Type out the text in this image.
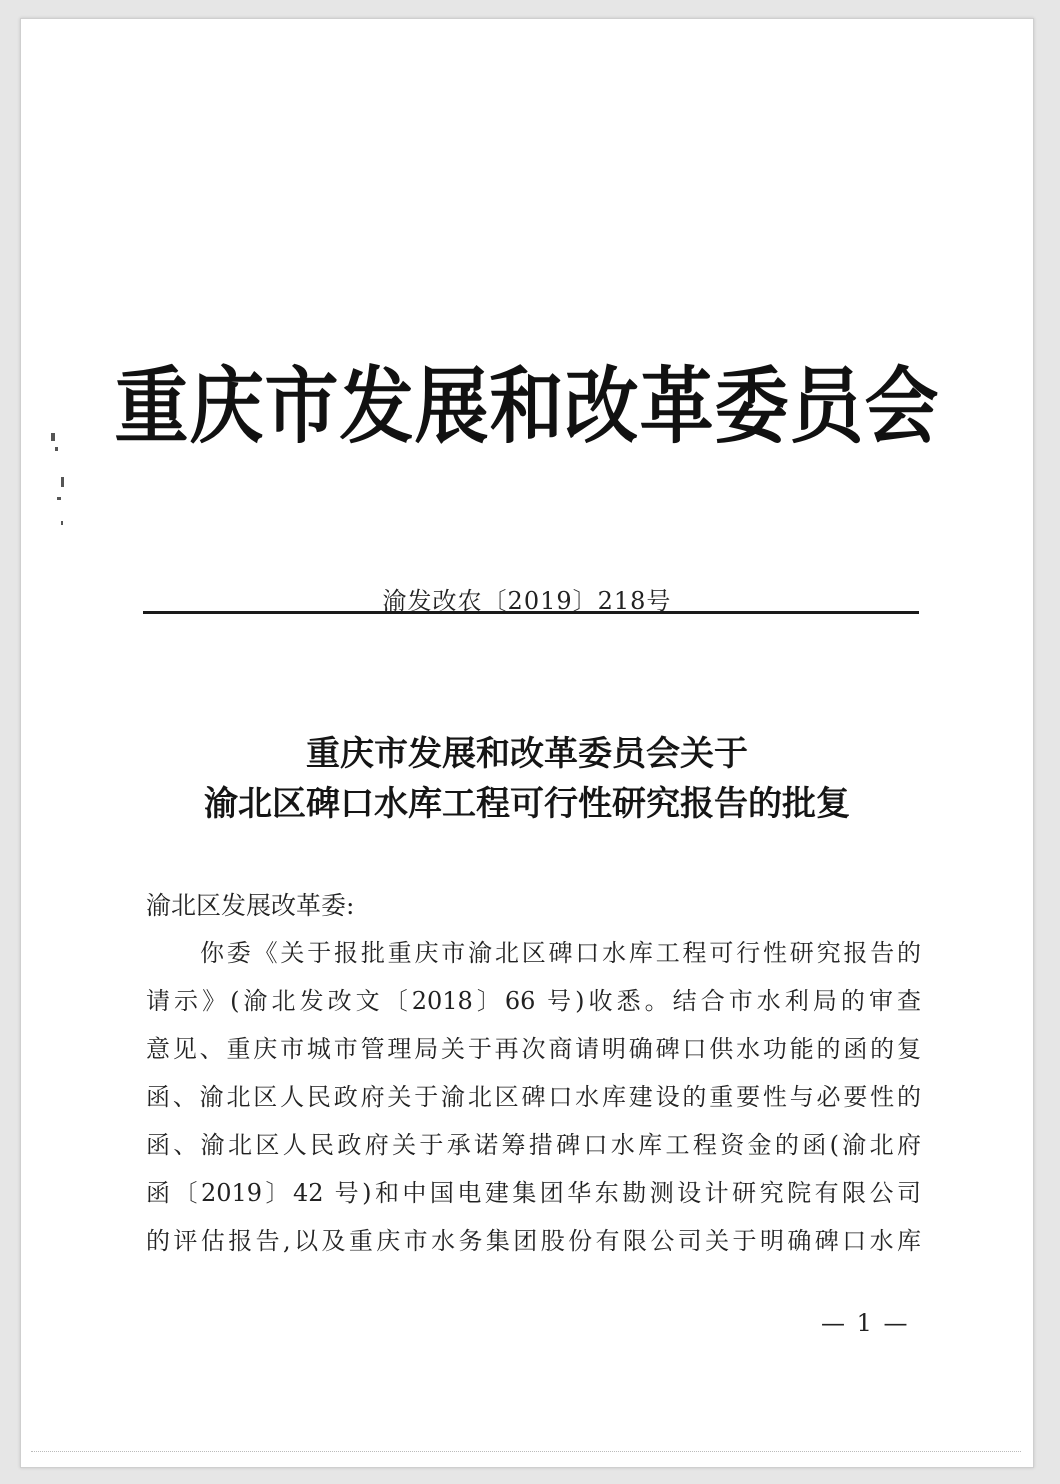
重庆市发展和改革委员会
渝发改农〔2019〕218号
重庆市发展和改革委员会关于
渝北区碑口水库工程可行性研究报告的批复
渝北区发展改革委:
你委《关于报批重庆市渝北区碑口水库工程可行性研究报告的
请示》(渝北发改文〔2018〕66 号)收悉。结合市水利局的审查
意见、重庆市城市管理局关于再次商请明确碑口供水功能的函的复
函、渝北区人民政府关于渝北区碑口水库建设的重要性与必要性的
函、渝北区人民政府关于承诺筹措碑口水库工程资金的函(渝北府
函〔2019〕42 号)和中国电建集团华东勘测设计研究院有限公司
的评估报告,以及重庆市水务集团股份有限公司关于明确碑口水库
— 1 —
